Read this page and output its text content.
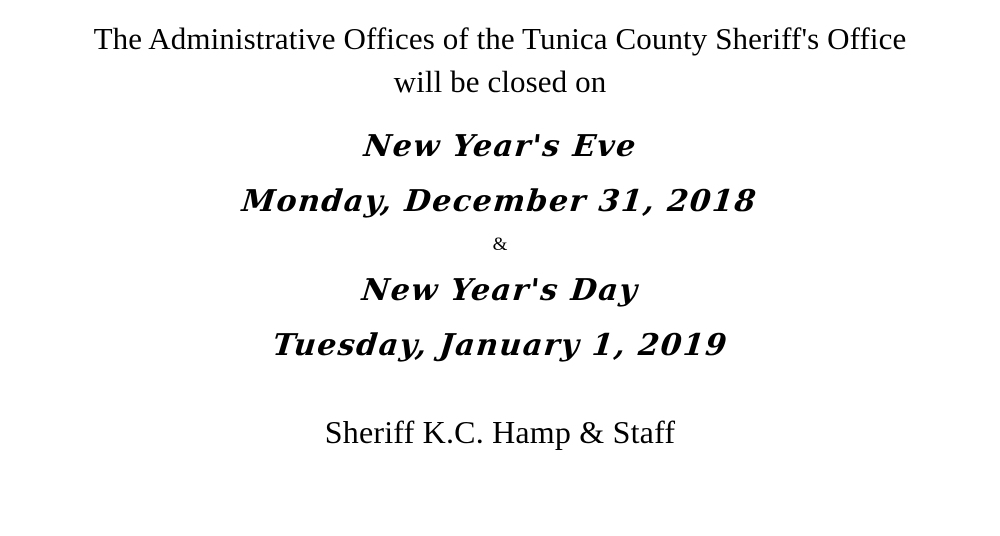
The Administrative Offices of the Tunica County Sheriff's Office
will be closed on
New Year's Eve
Monday, December 31, 2018
&
New Year's Day
Tuesday, January 1, 2019
Sheriff K.C. Hamp & Staff
